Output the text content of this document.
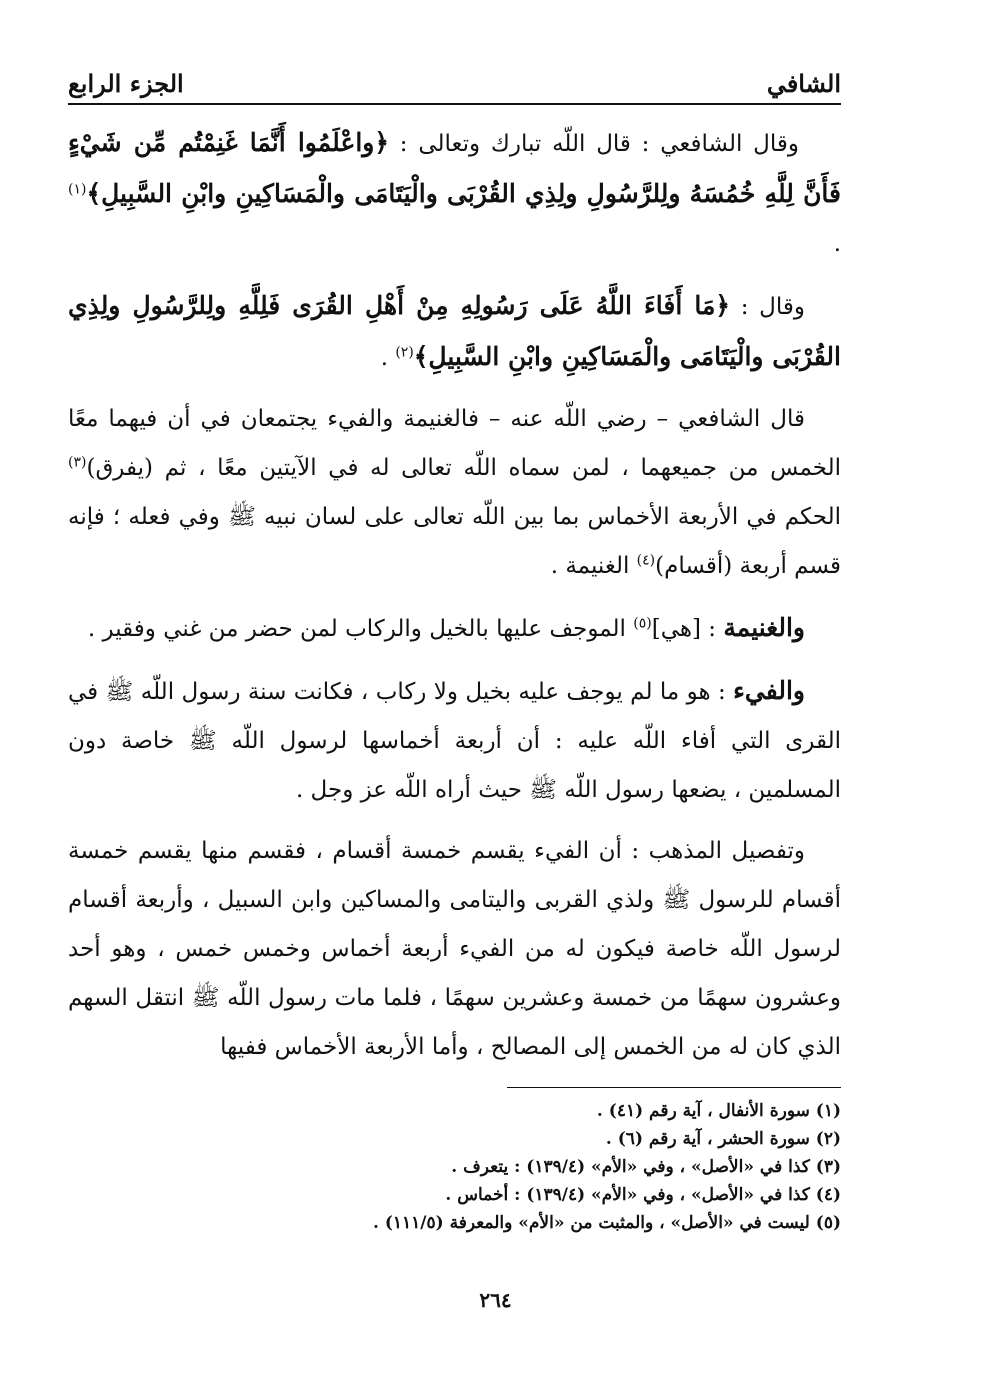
الشافي
الجزء الرابع

وقال الشافعي : قال اللّه تبارك وتعالى : ﴿واعْلَمُوا أَنَّمَا غَنِمْتُم مِّن شَيْءٍ فَأَنَّ لِلَّهِ خُمُسَهُ ولِلرَّسُولِ ولِذِي القُرْبَى والْيَتَامَى والْمَسَاكِينِ وابْنِ السَّبِيلِ﴾$^{(١)}$ .

وقال : ﴿مَا أَفَاءَ اللَّهُ عَلَى رَسُولِهِ مِنْ أَهْلِ القُرَى فَلِلَّهِ ولِلرَّسُولِ ولِذِي القُرْبَى والْيَتَامَى والْمَسَاكِينِ وابْنِ السَّبِيلِ﴾$^{(٢)}$ .

قال الشافعي – رضي اللّه عنه – فالغنيمة والفيء يجتمعان في أن فيهما معًا الخمس من جميعهما ، لمن سماه اللّه تعالى له في الآيتين معًا ، ثم (يفرق)$^{(٣)}$ الحكم في الأربعة الأخماس بما بين اللّه تعالى على لسان نبيه ﷺ وفي فعله ؛ فإنه قسم أربعة (أقسام)$^{(٤)}$ الغنيمة .

والغنيمة : [هي]$^{(٥)}$ الموجف عليها بالخيل والركاب لمن حضر من غني وفقير .

والفيء : هو ما لم يوجف عليه بخيل ولا ركاب ، فكانت سنة رسول اللّه ﷺ في القرى التي أفاء اللّه عليه : أن أربعة أخماسها لرسول اللّه ﷺ خاصة دون المسلمين ، يضعها رسول اللّه ﷺ حيث أراه اللّه عز وجل .

وتفصيل المذهب : أن الفيء يقسم خمسة أقسام ، فقسم منها يقسم خمسة أقسام للرسول ﷺ ولذي القربى واليتامى والمساكين وابن السبيل ، وأربعة أقسام لرسول اللّه خاصة فيكون له من الفيء أربعة أخماس وخمس خمس ، وهو أحد وعشرون سهمًا من خمسة وعشرين سهمًا ، فلما مات رسول اللّه ﷺ انتقل السهم الذي كان له من الخمس إلى المصالح ، وأما الأربعة الأخماس ففيها

(١) سورة الأنفال ، آية رقم (٤١) .
(٢) سورة الحشر ، آية رقم (٦) .
(٣) كذا في «الأصل» ، وفي «الأم» (١٣٩/٤) : يتعرف .
(٤) كذا في «الأصل» ، وفي «الأم» (١٣٩/٤) : أخماس .
(٥) ليست في «الأصل» ، والمثبت من «الأم» والمعرفة (١١١/٥) .
٢٦٤
